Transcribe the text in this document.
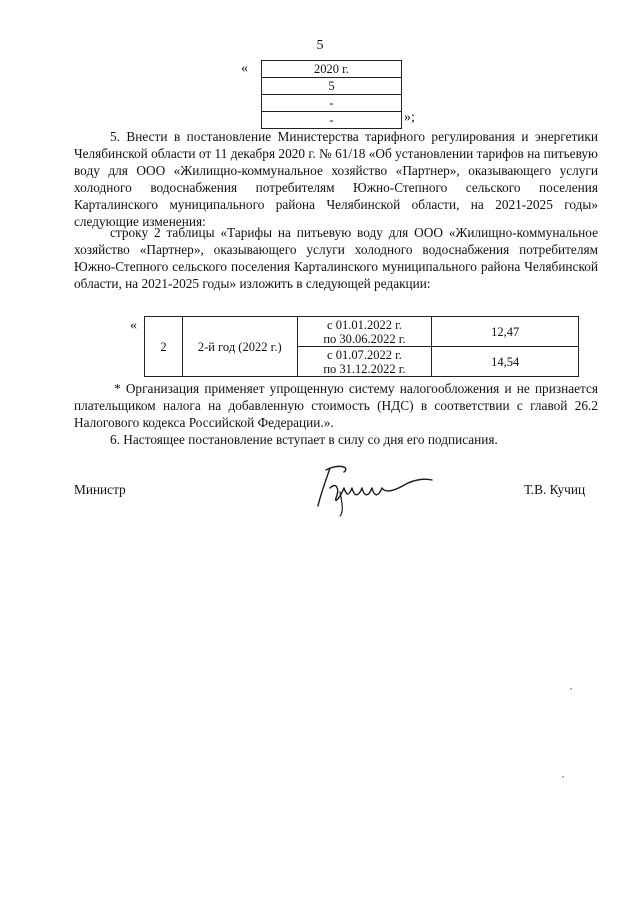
5
«	2020 г.
5
-
-	»;
5. Внести в постановление Министерства тарифного регулирования и энергетики Челябинской области от 11 декабря 2020 г. № 61/18 «Об установлении тарифов на питьевую воду для ООО «Жилищно-коммунальное хозяйство «Партнер», оказывающего услуги холодного водоснабжения потребителям Южно-Степного сельского поселения Карталинского муниципального района Челябинской области, на 2021-2025 годы» следующие изменения:
строку 2 таблицы «Тарифы на питьевую воду для ООО «Жилищно-коммунальное хозяйство «Партнер», оказывающего услуги холодного водоснабжения потребителям Южно-Степного сельского поселения Карталинского муниципального района Челябинской области, на 2021-2025 годы» изложить в следующей редакции:
«
2	2-й год (2022 г.)	с 01.01.2022 г.
по 30.06.2022 г.	12,47

		с 01.07.2022 г.
по 31.12.2022 г.	14,54
* Организация применяет упрощенную систему налогообложения и не признается плательщиком налога на добавленную стоимость (НДС) в соответствии с главой 26.2 Налогового кодекса Российской Федерации.».
6. Настоящее постановление вступает в силу со дня его подписания.
Министр	Т.В. Кучиц
